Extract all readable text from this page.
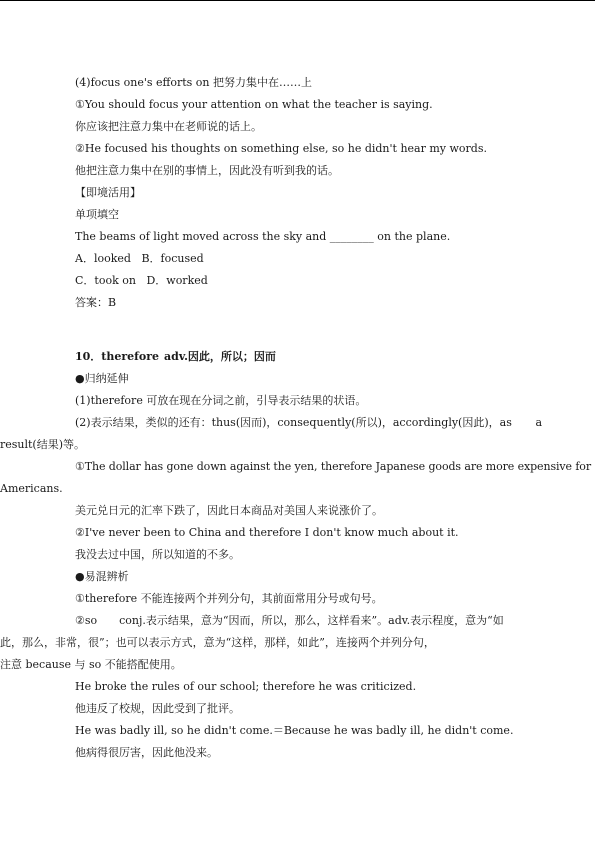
(4)focus one's efforts on 把努力集中在……上
①You should focus your attention on what the teacher is saying.
你应该把注意力集中在老师说的话上。
②He focused his thoughts on something else, so he didn't hear my words.
他把注意力集中在别的事情上，因此没有听到我的话。
【即境活用】
单项填空
The beams of light moved across the sky and ________ on the plane.
A．looked B．focused
C．took on D．worked
答案：B
10．therefore adv.因此，所以；因而
●归纳延伸
(1)therefore 可放在现在分词之前，引导表示结果的状语。
(2)表示结果，类似的还有：thus(因而)，consequently(所以)，accordingly(因此)，as a
result(结果)等。
①The dollar has gone down against the yen, therefore Japanese goods are more expensive for
Americans.
美元兑日元的汇率下跌了，因此日本商品对美国人来说涨价了。
②I've never been to China and therefore I don't know much about it.
我没去过中国，所以知道的不多。
●易混辨析
①therefore 不能连接两个并列分句，其前面常用分号或句号。
②so　　conj.表示结果，意为“因而，所以，那么，这样看来”。adv.表示程度，意为“如
此，那么，非常，很”；也可以表示方式，意为“这样，那样，如此”，连接两个并列分句，
注意 because 与 so 不能搭配使用。
He broke the rules of our school; therefore he was criticized.
他违反了校规，因此受到了批评。
He was badly ill, so he didn't come.＝Because he was badly ill, he didn't come.
他病得很厉害，因此他没来。
